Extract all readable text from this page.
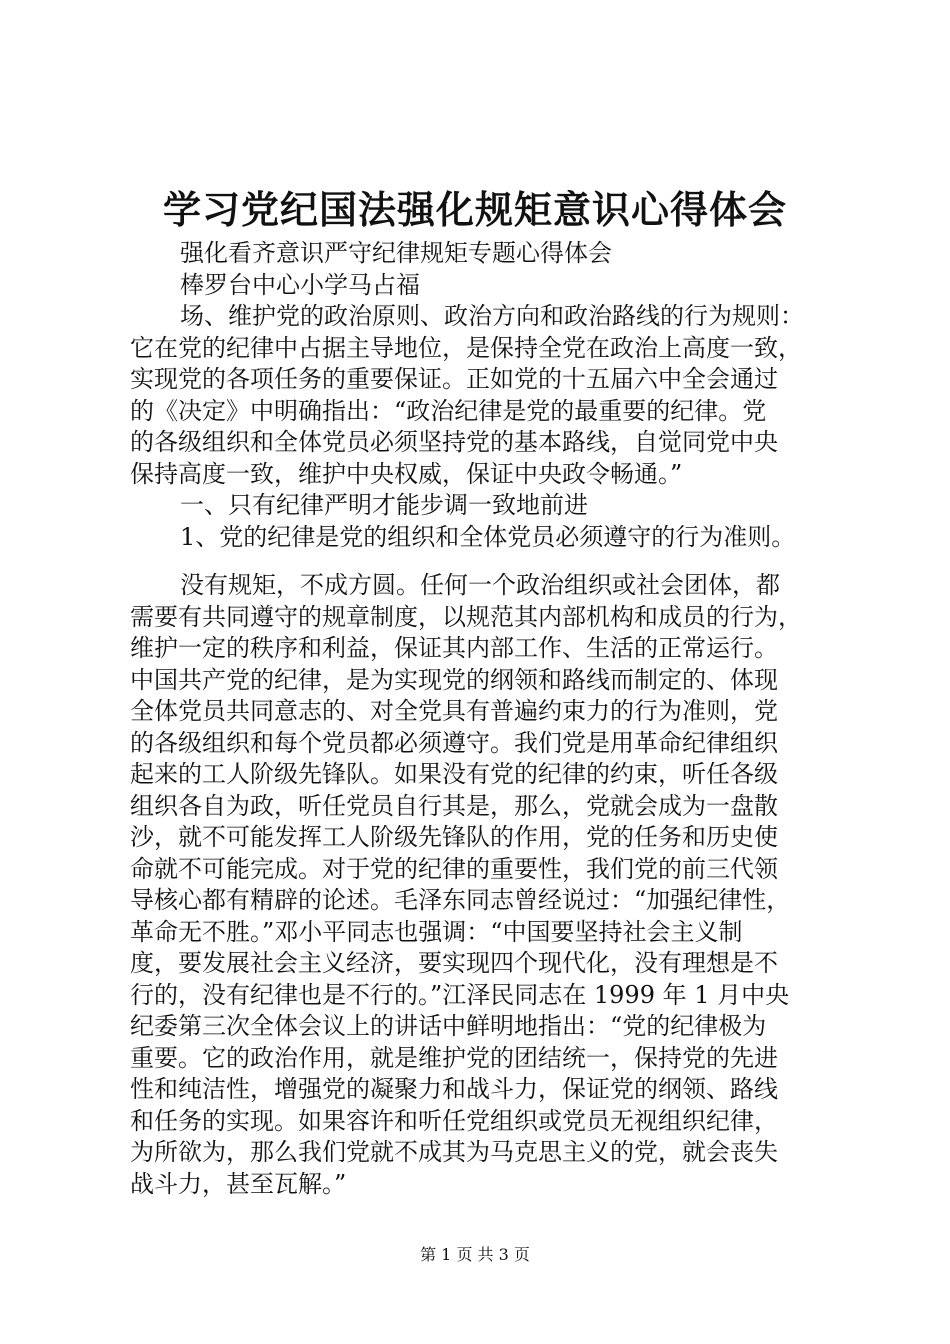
学习党纪国法强化规矩意识心得体会
强化看齐意识严守纪律规矩专题心得体会
棒罗台中心小学马占福
场、维护党的政治原则、政治方向和政治路线的行为规则：
它在党的纪律中占据主导地位，是保持全党在政治上高度一致，
实现党的各项任务的重要保证。正如党的十五届六中全会通过
的《决定》中明确指出：“政治纪律是党的最重要的纪律。党
的各级组织和全体党员必须坚持党的基本路线，自觉同党中央
保持高度一致，维护中央权威，保证中央政令畅通。”
一、只有纪律严明才能步调一致地前进
1、党的纪律是党的组织和全体党员必须遵守的行为准则。
没有规矩，不成方圆。任何一个政治组织或社会团体，都
需要有共同遵守的规章制度，以规范其内部机构和成员的行为，
维护一定的秩序和利益，保证其内部工作、生活的正常运行。
中国共产党的纪律，是为实现党的纲领和路线而制定的、体现
全体党员共同意志的、对全党具有普遍约束力的行为准则，党
的各级组织和每个党员都必须遵守。我们党是用革命纪律组织
起来的工人阶级先锋队。如果没有党的纪律的约束，听任各级
组织各自为政，听任党员自行其是，那么，党就会成为一盘散
沙，就不可能发挥工人阶级先锋队的作用，党的任务和历史使
命就不可能完成。对于党的纪律的重要性，我们党的前三代领
导核心都有精辟的论述。毛泽东同志曾经说过：“加强纪律性，
革命无不胜。”邓小平同志也强调：“中国要坚持社会主义制
度，要发展社会主义经济，要实现四个现代化，没有理想是不
行的，没有纪律也是不行的。”江泽民同志在 1999 年 1 月中央
纪委第三次全体会议上的讲话中鲜明地指出：“党的纪律极为
重要。它的政治作用，就是维护党的团结统一，保持党的先进
性和纯洁性，增强党的凝聚力和战斗力，保证党的纲领、路线
和任务的实现。如果容许和听任党组织或党员无视组织纪律，
为所欲为，那么我们党就不成其为马克思主义的党，就会丧失
战斗力，甚至瓦解。”
第 1 页 共 3 页
